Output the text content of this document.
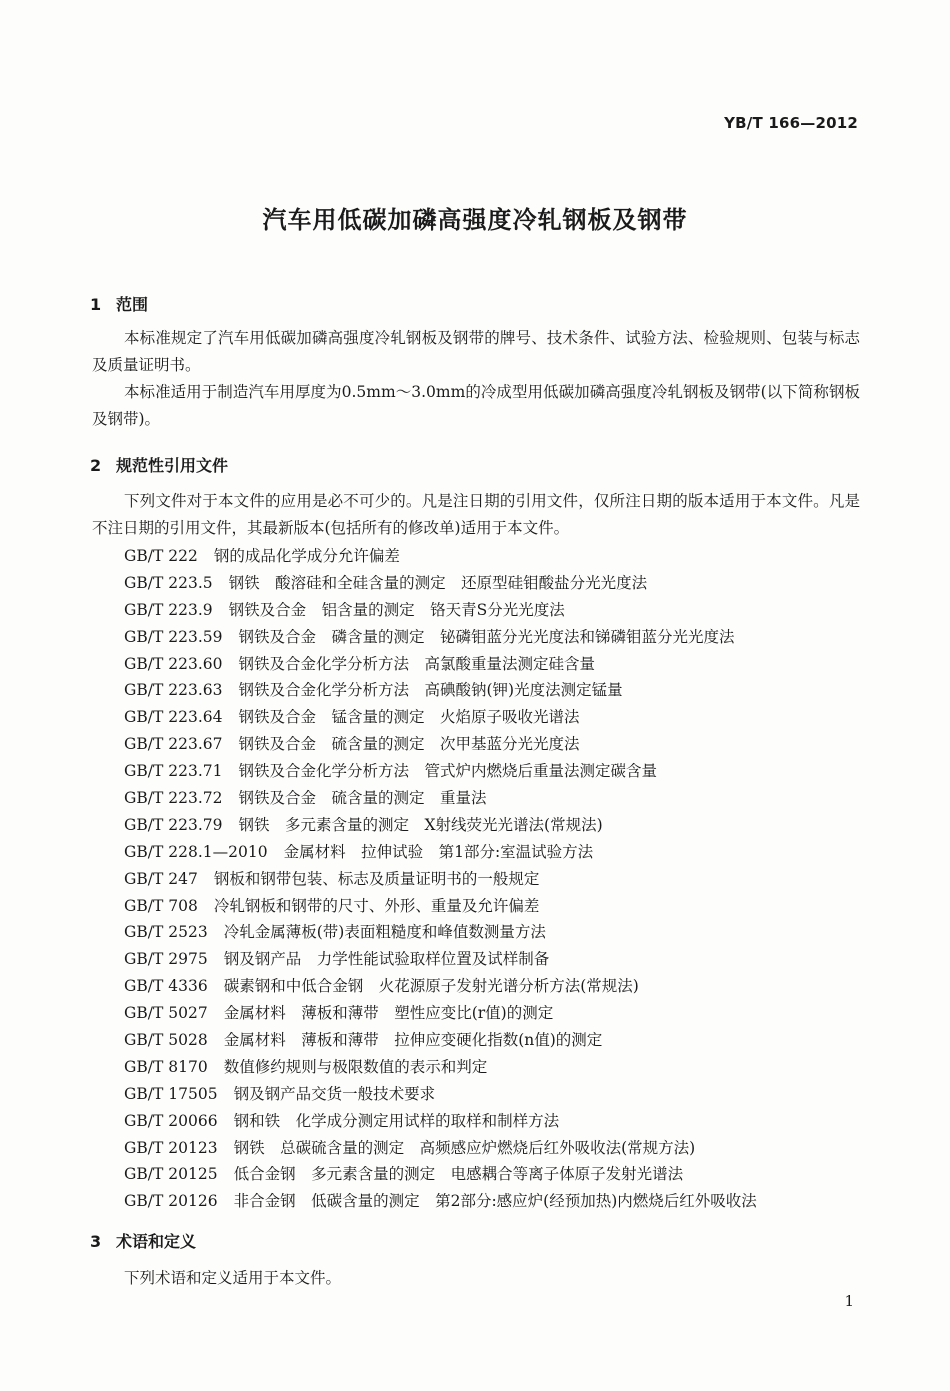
YB/T 166—2012
汽车用低碳加磷高强度冷轧钢板及钢带
1 范围
本标准规定了汽车用低碳加磷高强度冷轧钢板及钢带的牌号、技术条件、试验方法、检验规则、包装与标志及质量证明书。
本标准适用于制造汽车用厚度为0.5mm～3.0mm的冷成型用低碳加磷高强度冷轧钢板及钢带(以下简称钢板及钢带)。
2 规范性引用文件
下列文件对于本文件的应用是必不可少的。凡是注日期的引用文件，仅所注日期的版本适用于本文件。凡是不注日期的引用文件，其最新版本(包括所有的修改单)适用于本文件。
GB/T 222 钢的成品化学成分允许偏差
GB/T 223.5 钢铁　酸溶硅和全硅含量的测定　还原型硅钼酸盐分光光度法
GB/T 223.9 钢铁及合金　铝含量的测定　铬天青S分光光度法
GB/T 223.59 钢铁及合金　磷含量的测定　铋磷钼蓝分光光度法和锑磷钼蓝分光光度法
GB/T 223.60 钢铁及合金化学分析方法　高氯酸重量法测定硅含量
GB/T 223.63 钢铁及合金化学分析方法　高碘酸钠(钾)光度法测定锰量
GB/T 223.64 钢铁及合金　锰含量的测定　火焰原子吸收光谱法
GB/T 223.67 钢铁及合金　硫含量的测定　次甲基蓝分光光度法
GB/T 223.71 钢铁及合金化学分析方法　管式炉内燃烧后重量法测定碳含量
GB/T 223.72 钢铁及合金　硫含量的测定　重量法
GB/T 223.79 钢铁　多元素含量的测定　X射线荧光光谱法(常规法)
GB/T 228.1—2010 金属材料　拉伸试验　第1部分:室温试验方法
GB/T 247 钢板和钢带包装、标志及质量证明书的一般规定
GB/T 708 冷轧钢板和钢带的尺寸、外形、重量及允许偏差
GB/T 2523 冷轧金属薄板(带)表面粗糙度和峰值数测量方法
GB/T 2975 钢及钢产品　力学性能试验取样位置及试样制备
GB/T 4336 碳素钢和中低合金钢　火花源原子发射光谱分析方法(常规法)
GB/T 5027 金属材料　薄板和薄带　塑性应变比(r值)的测定
GB/T 5028 金属材料　薄板和薄带　拉伸应变硬化指数(n值)的测定
GB/T 8170 数值修约规则与极限数值的表示和判定
GB/T 17505 钢及钢产品交货一般技术要求
GB/T 20066 钢和铁　化学成分测定用试样的取样和制样方法
GB/T 20123 钢铁　总碳硫含量的测定　高频感应炉燃烧后红外吸收法(常规方法)
GB/T 20125 低合金钢　多元素含量的测定　电感耦合等离子体原子发射光谱法
GB/T 20126 非合金钢　低碳含量的测定　第2部分:感应炉(经预加热)内燃烧后红外吸收法
3 术语和定义
下列术语和定义适用于本文件。
1
